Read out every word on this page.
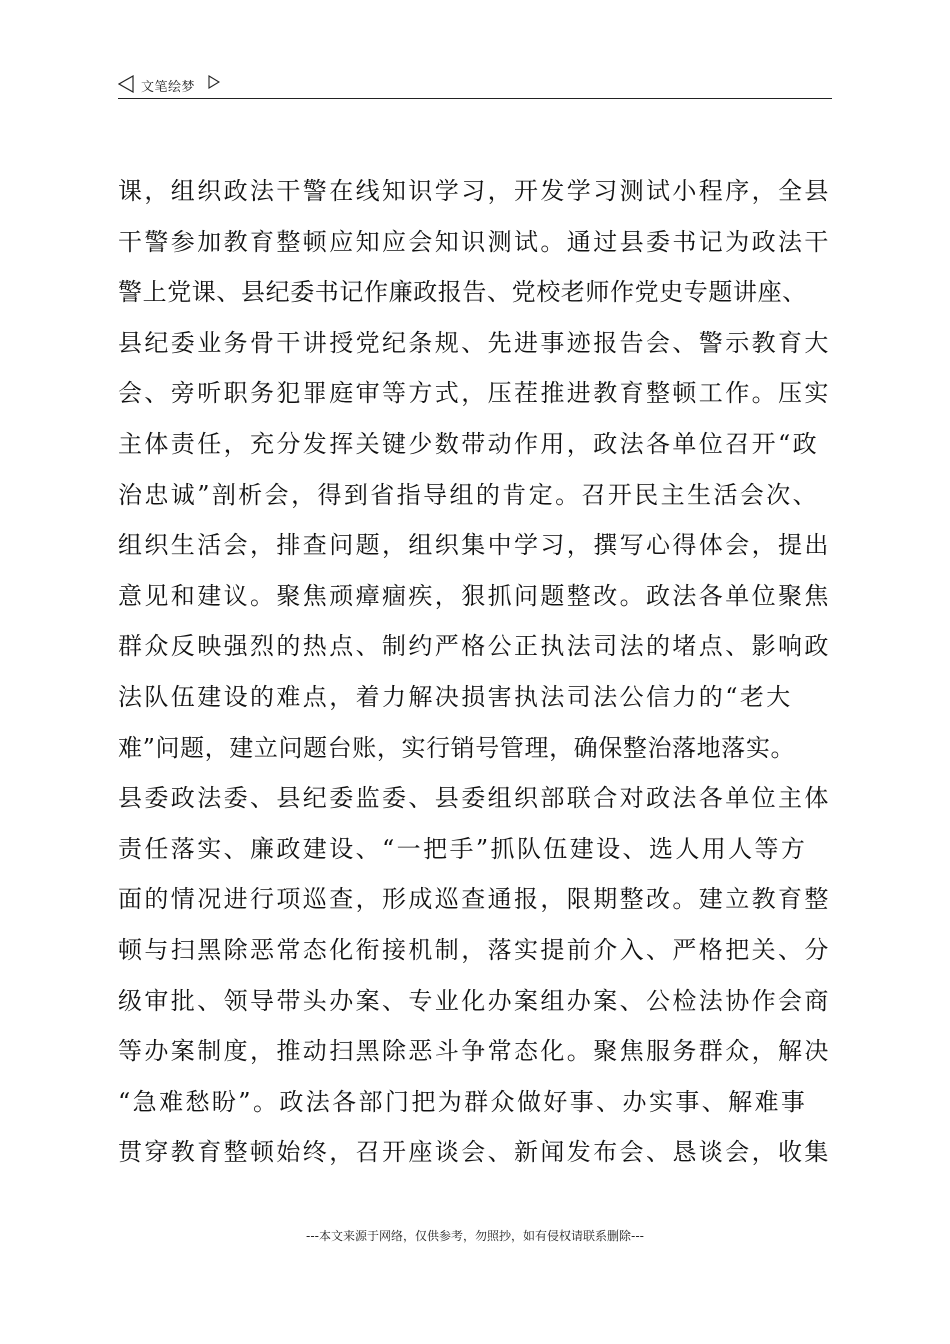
文笔绘梦
课，组织政法干警在线知识学习，开发学习测试小程序，全县
干警参加教育整顿应知应会知识测试。通过县委书记为政法干
警上党课、县纪委书记作廉政报告、党校老师作党史专题讲座、
县纪委业务骨干讲授党纪条规、先进事迹报告会、警示教育大
会、旁听职务犯罪庭审等方式，压茬推进教育整顿工作。压实
主体责任，充分发挥关键少数带动作用，政法各单位召开“政
治忠诚”剖析会，得到省指导组的肯定。召开民主生活会次、
组织生活会，排查问题，组织集中学习，撰写心得体会，提出
意见和建议。聚焦顽瘴痼疾，狠抓问题整改。政法各单位聚焦
群众反映强烈的热点、制约严格公正执法司法的堵点、影响政
法队伍建设的难点，着力解决损害执法司法公信力的“老大
难”问题，建立问题台账，实行销号管理，确保整治落地落实。
县委政法委、县纪委监委、县委组织部联合对政法各单位主体
责任落实、廉政建设、“一把手”抓队伍建设、选人用人等方
面的情况进行项巡查，形成巡查通报，限期整改。建立教育整
顿与扫黑除恶常态化衔接机制，落实提前介入、严格把关、分
级审批、领导带头办案、专业化办案组办案、公检法协作会商
等办案制度，推动扫黑除恶斗争常态化。聚焦服务群众，解决
“急难愁盼”。政法各部门把为群众做好事、办实事、解难事
贯穿教育整顿始终，召开座谈会、新闻发布会、恳谈会，收集
---本文来源于网络，仅供参考，勿照抄，如有侵权请联系删除---
